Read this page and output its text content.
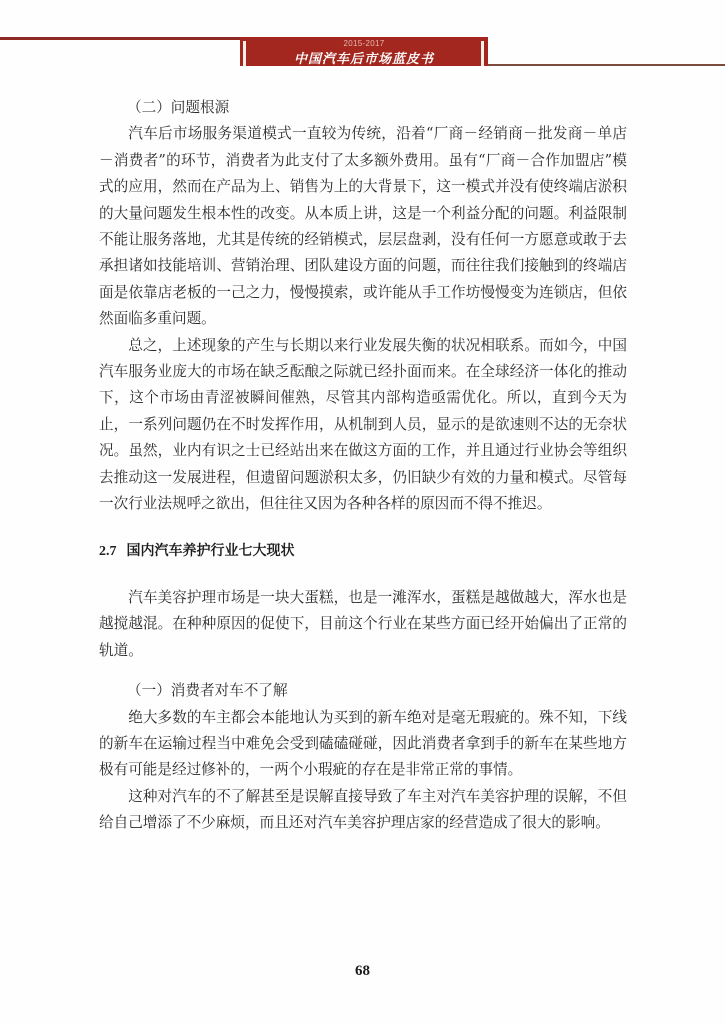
2015-2017
中国汽车后市场蓝皮书

（二）问题根源

汽车后市场服务渠道模式一直较为传统，沿着“厂商－经销商－批发商－单店－消费者”的环节，消费者为此支付了太多额外费用。虽有“厂商－合作加盟店”模式的应用，然而在产品为上、销售为上的大背景下，这一模式并没有使终端店淤积的大量问题发生根本性的改变。从本质上讲，这是一个利益分配的问题。利益限制不能让服务落地，尤其是传统的经销模式，层层盘剥，没有任何一方愿意或敢于去承担诸如技能培训、营销治理、团队建设方面的问题，而往往我们接触到的终端店面是依靠店老板的一己之力，慢慢摸索，或许能从手工作坊慢慢变为连锁店，但依然面临多重问题。

总之，上述现象的产生与长期以来行业发展失衡的状况相联系。而如今，中国汽车服务业庞大的市场在缺乏酝酿之际就已经扑面而来。在全球经济一体化的推动下，这个市场由青涩被瞬间催熟，尽管其内部构造亟需优化。所以，直到今天为止，一系列问题仍在不时发挥作用，从机制到人员，显示的是欲速则不达的无奈状况。虽然，业内有识之士已经站出来在做这方面的工作，并且通过行业协会等组织去推动这一发展进程，但遗留问题淤积太多，仍旧缺少有效的力量和模式。尽管每一次行业法规呼之欲出，但往往又因为各种各样的原因而不得不推迟。

2.7 国内汽车养护行业七大现状

汽车美容护理市场是一块大蛋糕，也是一滩浑水，蛋糕是越做越大，浑水也是越搅越混。在种种原因的促使下，目前这个行业在某些方面已经开始偏出了正常的轨道。

（一）消费者对车不了解

绝大多数的车主都会本能地认为买到的新车绝对是毫无瑕疵的。殊不知，下线的新车在运输过程当中难免会受到磕磕碰碰，因此消费者拿到手的新车在某些地方极有可能是经过修补的，一两个小瑕疵的存在是非常正常的事情。

这种对汽车的不了解甚至是误解直接导致了车主对汽车美容护理的误解，不但给自己增添了不少麻烦，而且还对汽车美容护理店家的经营造成了很大的影响。

68
